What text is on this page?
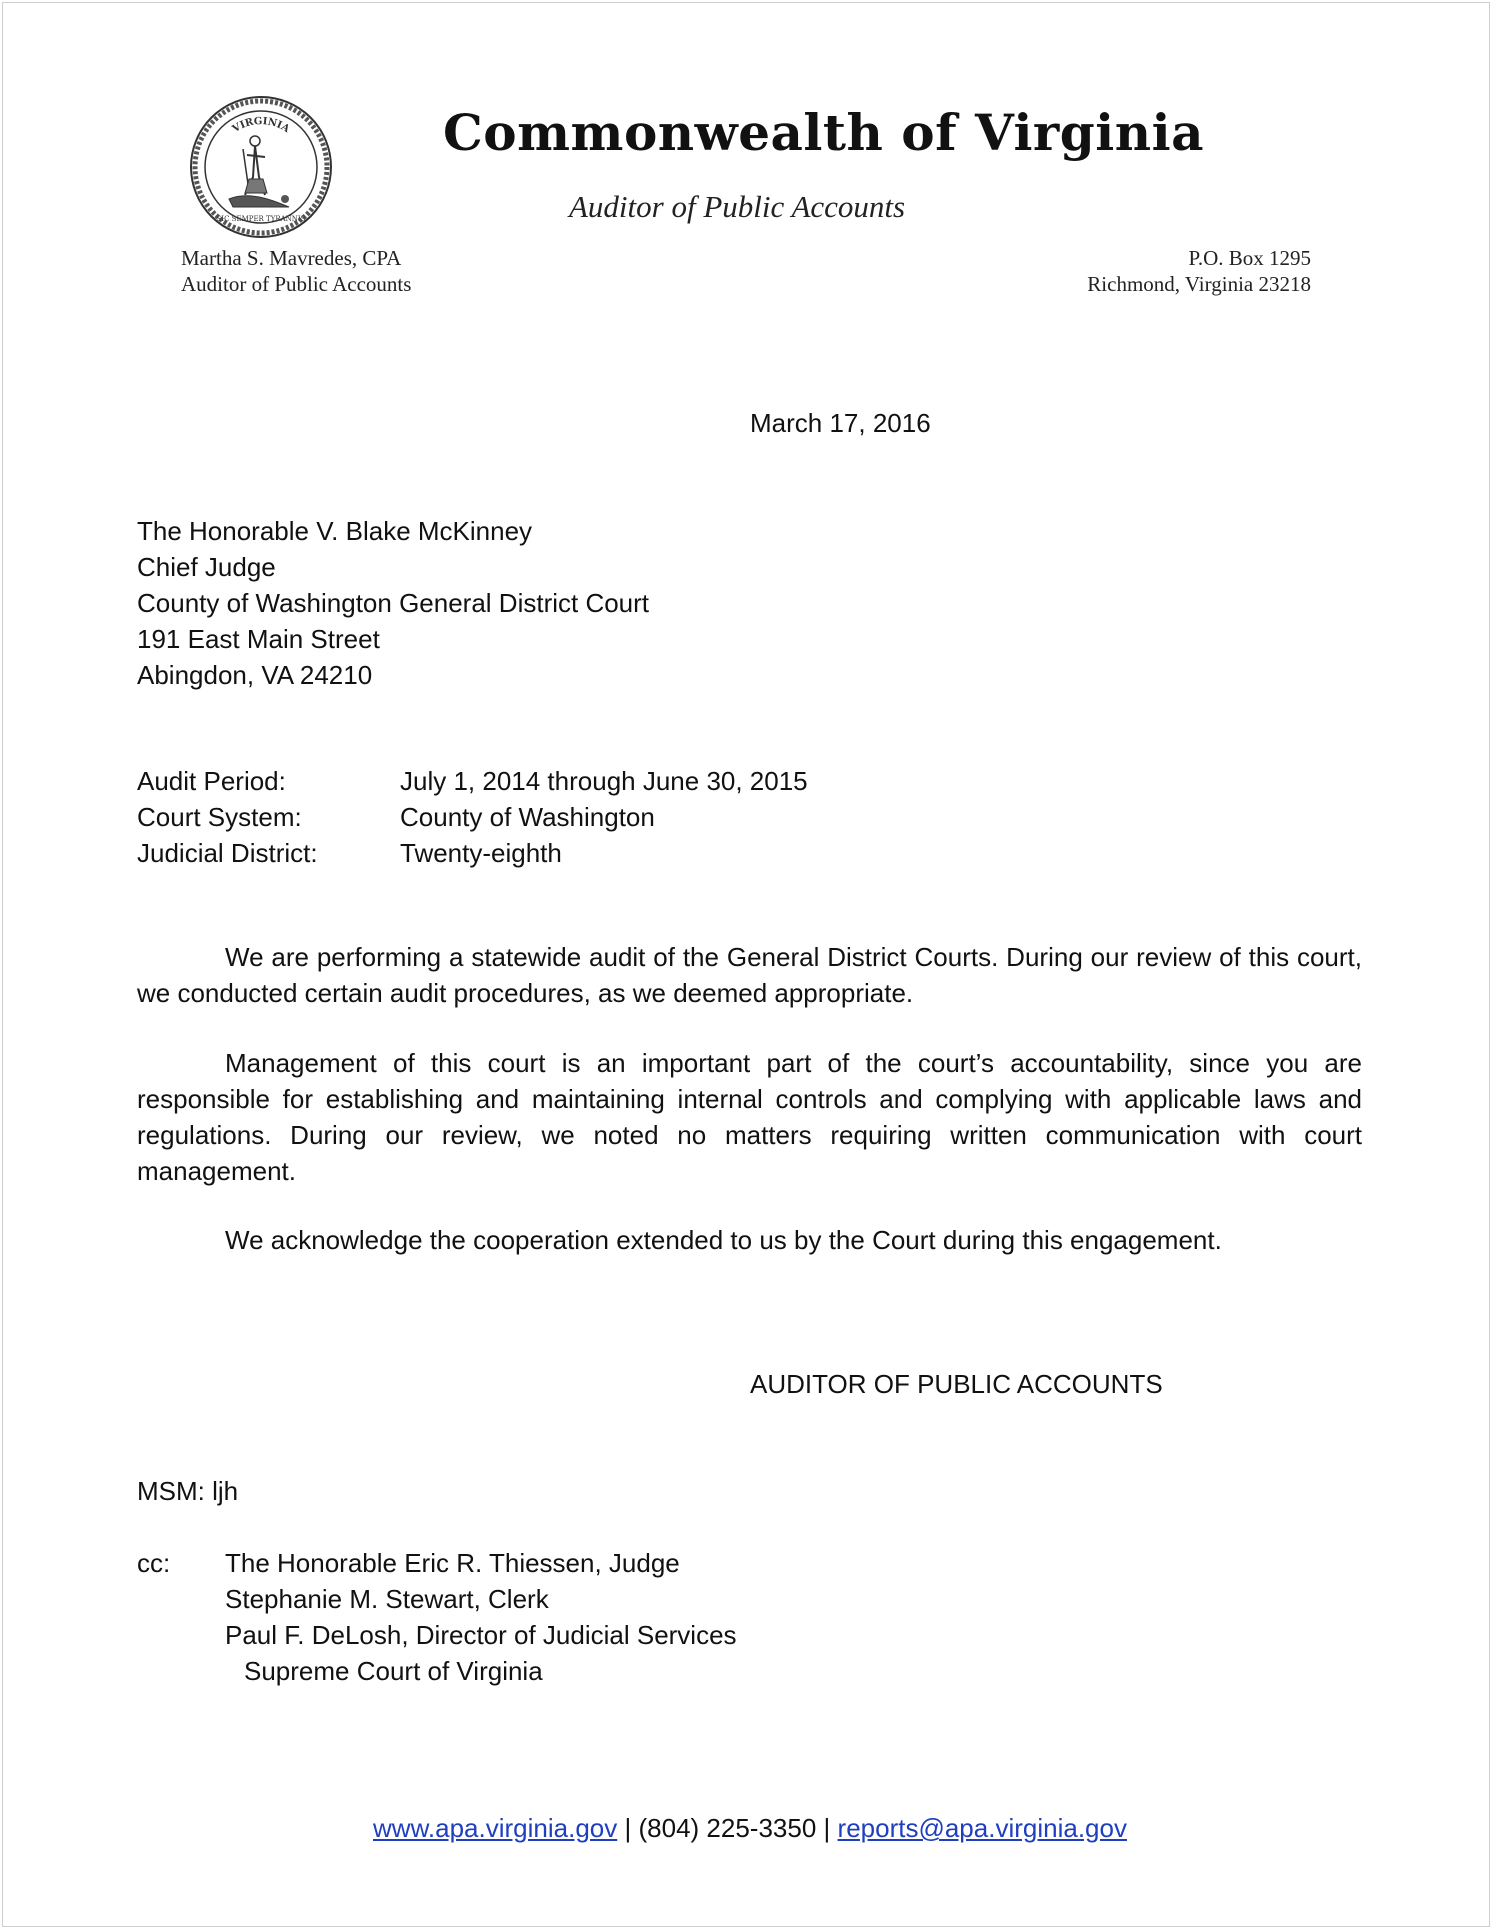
VIRGINIA
SIC SEMPER TYRANNIS
Commonwealth of Virginia
Auditor of Public Accounts
Martha S. Mavredes, CPA
Auditor of Public Accounts
P.O. Box 1295
Richmond, Virginia 23218
March 17, 2016
The Honorable V. Blake McKinney
Chief Judge
County of Washington General District Court
191 East Main Street
Abingdon, VA 24210
Audit Period:	July 1, 2014 through June 30, 2015
Court System:	County of Washington
Judicial District:	Twenty-eighth

We are performing a statewide audit of the General District Courts. During our review of this court, we conducted certain audit procedures, as we deemed appropriate.

Management of this court is an important part of the court’s accountability, since you are responsible for establishing and maintaining internal controls and complying with applicable laws and regulations. During our review, we noted no matters requiring written communication with court management.

We acknowledge the cooperation extended to us by the Court during this engagement.

AUDITOR OF PUBLIC ACCOUNTS
MSM: ljh
cc:	The Honorable Eric R. Thiessen, Judge
Stephanie M. Stewart, Clerk
Paul F. DeLosh, Director of Judicial Services
Supreme Court of Virginia
www.apa.virginia.gov | (804) 225-3350 | reports@apa.virginia.gov
